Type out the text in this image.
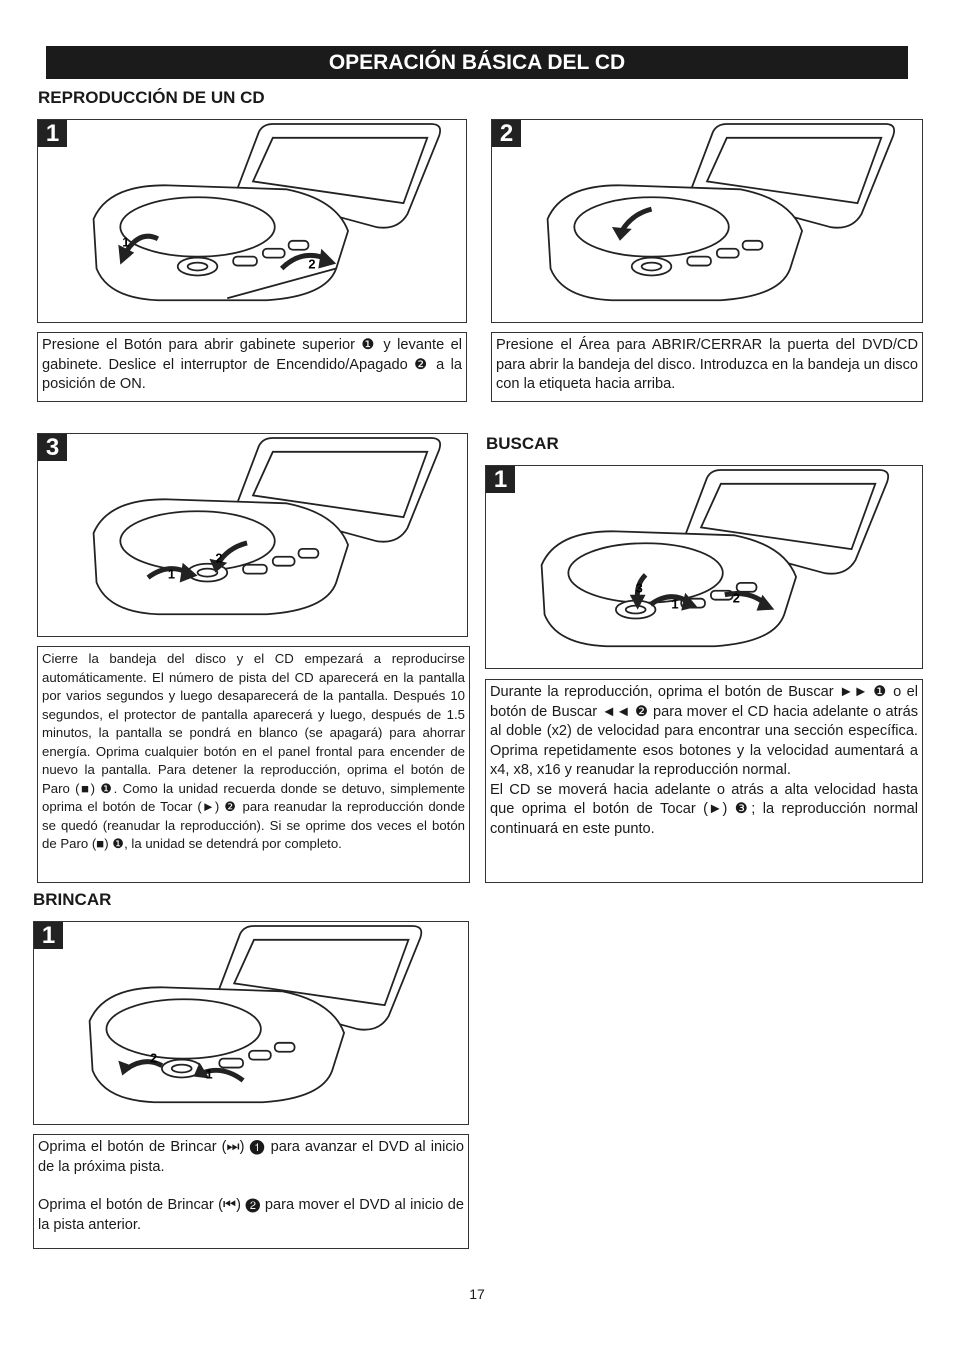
OPERACIÓN BÁSICA DEL CD
REPRODUCCIÓN DE UN CD
1
1
2
2

Presione el Botón para abrir gabinete superior ❶ y levante el gabinete. Deslice el interruptor de Encendido/Apagado ❷ a la posición de ON.

Presione el Área para ABRIR/CERRAR la puerta del DVD/CD para abrir la bandeja del disco. Introduzca en la bandeja un disco con la etiqueta hacia arriba.

3
1
2

Cierre la bandeja del disco y el CD empezará a reproducirse automáticamente. El número de pista del CD aparecerá en la pantalla por varios segundos y luego desaparecerá de la pantalla. Después 10 segundos, el protector de pantalla aparecerá y luego, después de 1.5 minutos, la pantalla se pondrá en blanco (se apagará) para ahorrar energía. Oprima cualquier botón en el panel frontal para encender de nuevo la pantalla. Para detener la reproducción, oprima el botón de Paro (■) ❶. Como la unidad recuerda donde se detuvo, simplemente oprima el botón de Tocar (►) ❷ para reanudar la reproducción donde se quedó (reanudar la reproducción). Si se oprime dos veces el botón de Paro (■) ❶, la unidad se detendrá por completo.

BUSCAR
1
3
1	2

Durante la reproducción, oprima el botón de Buscar ►► ❶ o el botón de Buscar ◄◄ ❷ para mover el CD hacia adelante o atrás al doble (x2) de velocidad para encontrar una sección específica. Oprima repetidamente esos botones y la velocidad aumentará a x4, x8, x16 y reanudar la reproducción normal.

El CD se moverá hacia adelante o atrás a alta velocidad hasta que oprima el botón de Tocar (►) ❸; la reproducción normal continuará en este punto.

BRINCAR
1
2
1

Oprima el botón de Brincar (⏭) ❶ para avanzar el DVD al inicio de la próxima pista.

Oprima el botón de Brincar (⏮) ❷ para mover el DVD al inicio de la pista anterior.

17
